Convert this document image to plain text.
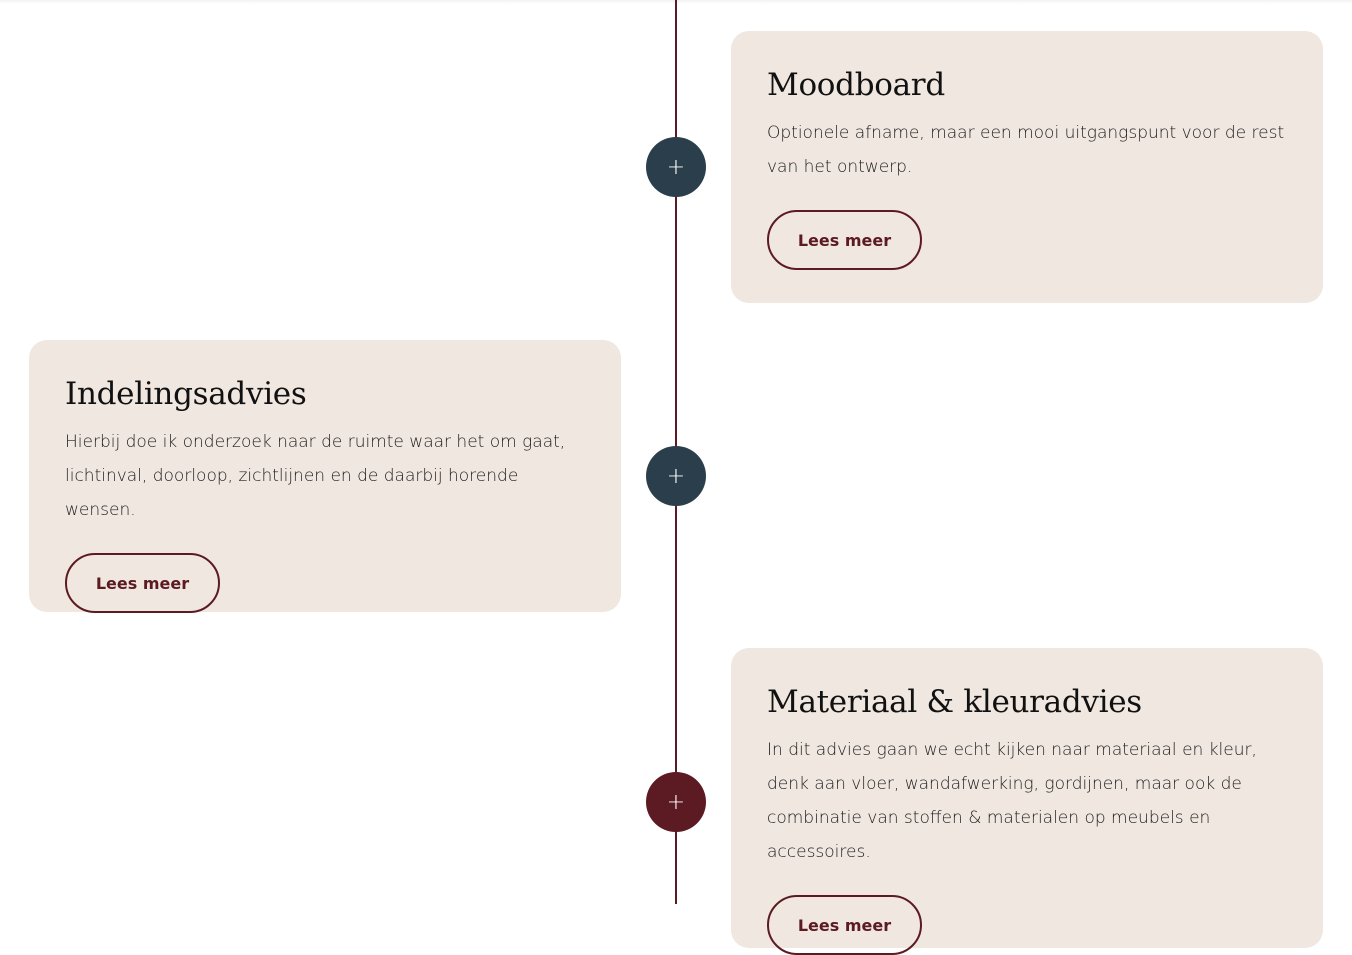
+
Moodboard

Optionele afname, maar een mooi uitgangspunt voor de rest van het ontwerp.

Lees meer
+
Indelingsadvies

Hierbij doe ik onderzoek naar de ruimte waar het om gaat, lichtinval, doorloop, zichtlijnen en de daarbij horende wensen.

Lees meer
+
Materiaal & kleuradvies

In dit advies gaan we echt kijken naar materiaal en kleur, denk aan vloer, wandafwerking, gordijnen, maar ook de combinatie van stoffen & materialen op meubels en accessoires.

Lees meer
